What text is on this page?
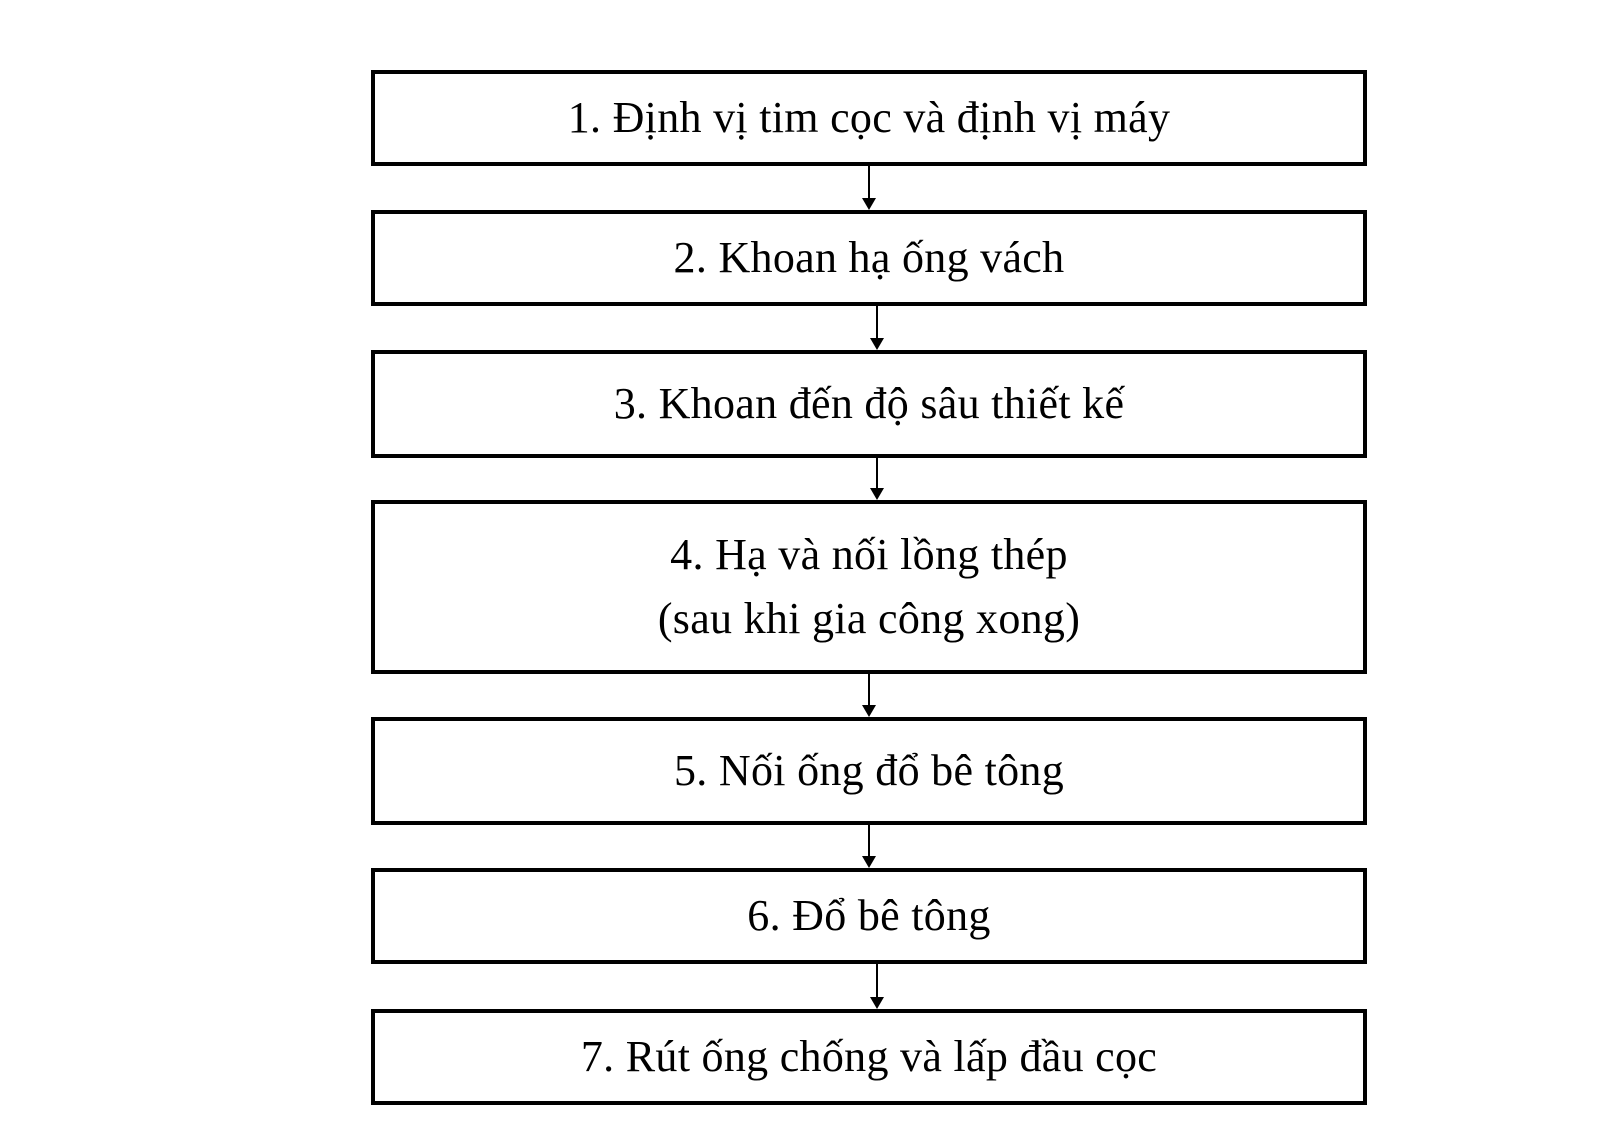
1. Định vị tim cọc và định vị máy
2. Khoan hạ ống vách
3. Khoan đến độ sâu thiết kế
4. Hạ và nối lồng thép
(sau khi gia công xong)
5. Nối ống đổ bê tông
6. Đổ bê tông
7. Rút ống chống và lấp đầu cọc
